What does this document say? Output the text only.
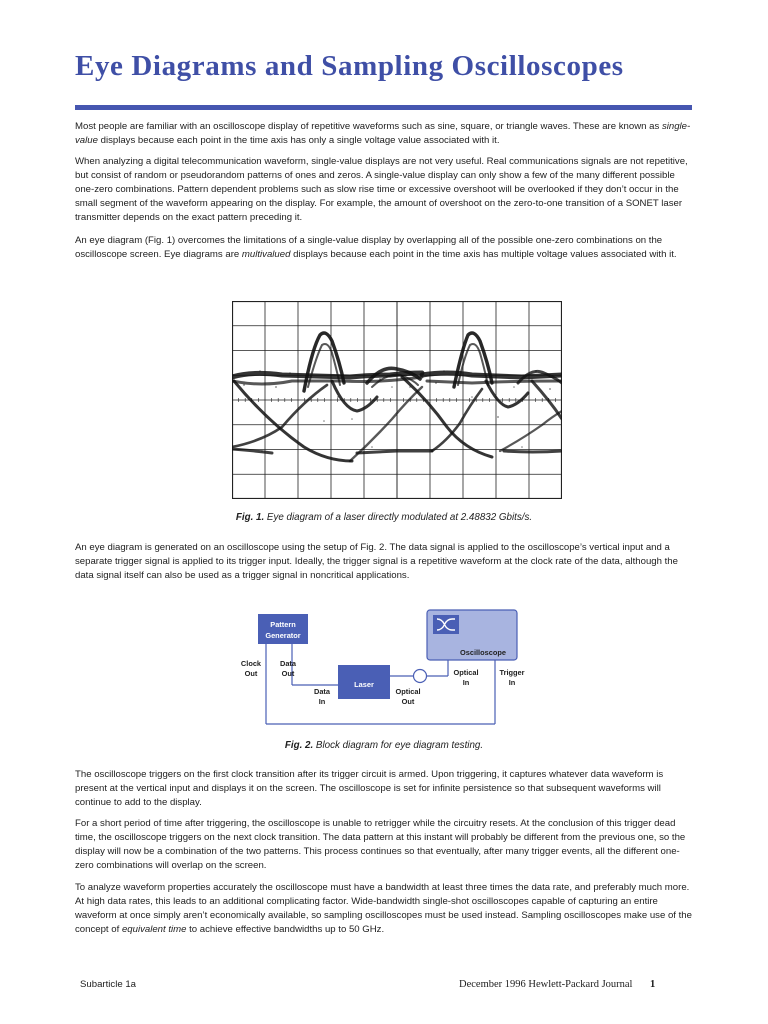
Eye Diagrams and Sampling Oscilloscopes

Most people are familiar with an oscilloscope display of repetitive waveforms such as sine, square, or triangle waves. These are known as single-value displays because each point in the time axis has only a single voltage value associated with it.

When analyzing a digital telecommunication waveform, single-value displays are not very useful. Real communications signals are not repetitive, but consist of random or pseudorandom patterns of ones and zeros. A single-value display can only show a few of the many different possible one-zero combinations. Pattern dependent problems such as slow rise time or excessive overshoot will be overlooked if they don’t occur in the small segment of the waveform appearing on the display. For example, the amount of overshoot on the zero-to-one transition of a SONET laser transmitter depends on the exact pattern preceding it.

An eye diagram (Fig. 1) overcomes the limitations of a single-value display by overlapping all of the possible one-zero combinations on the oscilloscope screen. Eye diagrams are multivalued displays because each point in the time axis has multiple voltage values associated with it.

Fig. 1. Eye diagram of a laser directly modulated at 2.48832 Gbits/s.

An eye diagram is generated on an oscilloscope using the setup of Fig. 2. The data signal is applied to the oscilloscope’s vertical input and a separate trigger signal is applied to its trigger input. Ideally, the trigger signal is a repetitive waveform at the clock rate of the data, although the data signal itself can also be used as a trigger signal in noncritical applications.

Pattern
Generator
Laser
Oscilloscope
Clock
Out
Data
Out
Data
In
Optical
Out
Optical
In
Trigger
In
Fig. 2. Block diagram for eye diagram testing.

The oscilloscope triggers on the first clock transition after its trigger circuit is armed. Upon triggering, it captures whatever data waveform is present at the vertical input and displays it on the screen. The oscilloscope is set for infinite persistence so that subsequent waveforms will continue to add to the display.

For a short period of time after triggering, the oscilloscope is unable to retrigger while the circuitry resets. At the conclusion of this trigger dead time, the oscilloscope triggers on the next clock transition. The data pattern at this instant will probably be different from the previous one, so the display will now be a combination of the two patterns. This process continues so that eventually, after many trigger events, all the different one-zero combinations will overlap on the screen.

To analyze waveform properties accurately the oscilloscope must have a bandwidth at least three times the data rate, and preferably much more. At high data rates, this leads to an additional complicating factor. Wide-bandwidth single-shot oscilloscopes capable of capturing an entire waveform at once simply aren’t economically available, so sampling oscilloscopes must be used instead. Sampling oscilloscopes make use of the concept of equivalent time to achieve effective bandwidths up to 50 GHz.

Subarticle 1a	December 1996 Hewlett-Packard Journal 1
